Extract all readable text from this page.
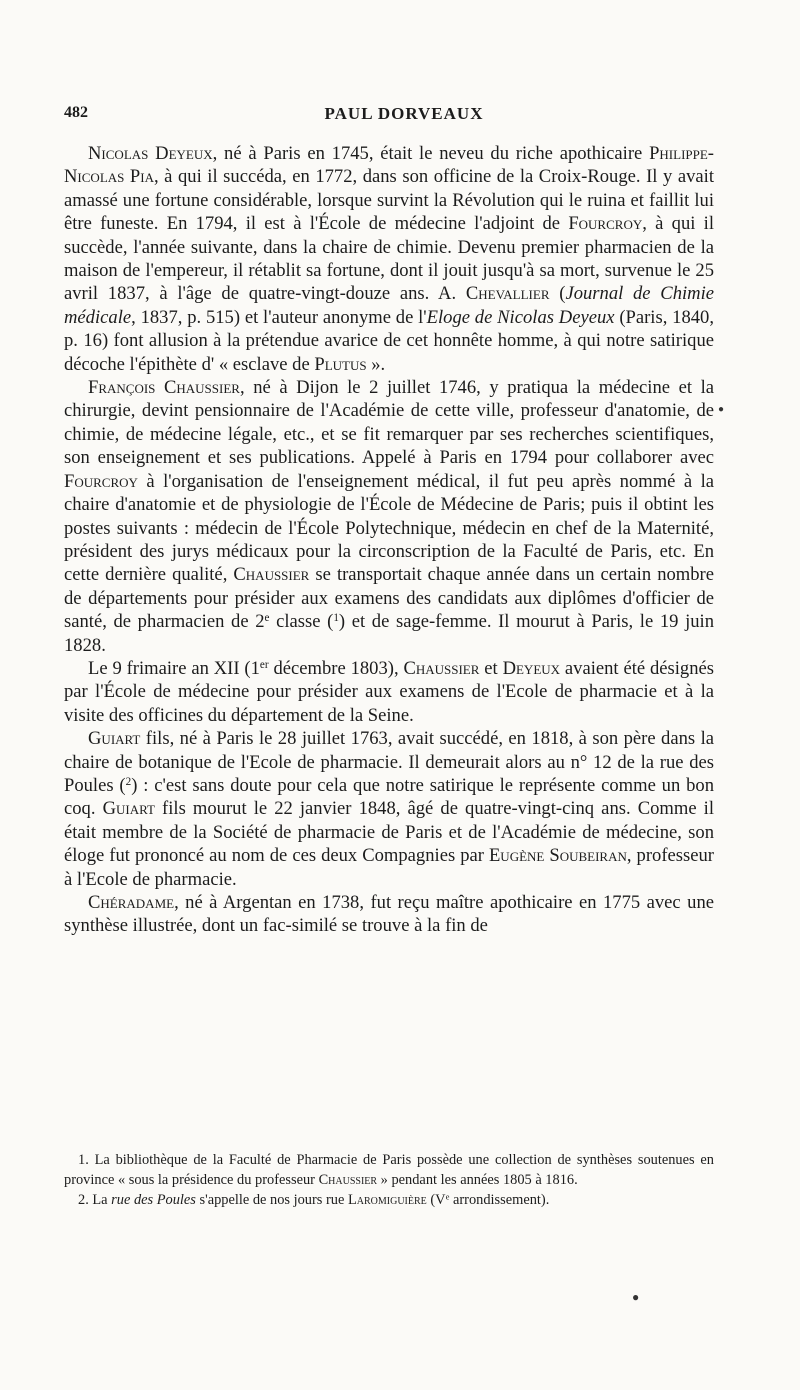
482	PAUL DORVEAUX

Nicolas Deyeux, né à Paris en 1745, était le neveu du riche apothicaire Philippe-Nicolas Pia, à qui il succéda, en 1772, dans son officine de la Croix-Rouge. Il y avait amassé une fortune considérable, lorsque survint la Révolution qui le ruina et faillit lui être funeste. En 1794, il est à l'École de médecine l'adjoint de Fourcroy, à qui il succède, l'année suivante, dans la chaire de chimie. Devenu premier pharmacien de la maison de l'empereur, il rétablit sa fortune, dont il jouit jusqu'à sa mort, survenue le 25 avril 1837, à l'âge de quatre-vingt-douze ans. A. Chevallier (Journal de Chimie médicale, 1837, p. 515) et l'auteur anonyme de l'Eloge de Nicolas Deyeux (Paris, 1840, p. 16) font allusion à la prétendue avarice de cet honnête homme, à qui notre satirique décoche l'épithète d' « esclave de Plutus ».

François Chaussier, né à Dijon le 2 juillet 1746, y pratiqua la médecine et la chirurgie, devint pensionnaire de l'Académie de cette ville, professeur d'anatomie, de chimie, de médecine légale, etc., et se fit remarquer par ses recherches scientifiques, son enseignement et ses publications. Appelé à Paris en 1794 pour collaborer avec Fourcroy à l'organisation de l'enseignement médical, il fut peu après nommé à la chaire d'anatomie et de physiologie de l'École de Médecine de Paris; puis il obtint les postes suivants : médecin de l'École Polytechnique, médecin en chef de la Maternité, président des jurys médicaux pour la circonscription de la Faculté de Paris, etc. En cette dernière qualité, Chaussier se transportait chaque année dans un certain nombre de départements pour présider aux examens des candidats aux diplômes d'officier de santé, de pharmacien de 2e classe ($^1$) et de sage-femme. Il mourut à Paris, le 19 juin 1828.

Le 9 frimaire an XII (1er décembre 1803), Chaussier et Deyeux avaient été désignés par l'École de médecine pour présider aux examens de l'Ecole de pharmacie et à la visite des officines du département de la Seine.

Guiart fils, né à Paris le 28 juillet 1763, avait succédé, en 1818, à son père dans la chaire de botanique de l'Ecole de pharmacie. Il demeurait alors au n° 12 de la rue des Poules ($^2$) : c'est sans doute pour cela que notre satirique le représente comme un bon coq. Guiart fils mourut le 22 janvier 1848, âgé de quatre-vingt-cinq ans. Comme il était membre de la Société de pharmacie de Paris et de l'Académie de médecine, son éloge fut prononcé au nom de ces deux Compagnies par Eugène Soubeiran, professeur à l'Ecole de pharmacie.

Chéradame, né à Argentan en 1738, fut reçu maître apothicaire en 1775 avec une synthèse illustrée, dont un fac-similé se trouve à la fin de

1. La bibliothèque de la Faculté de Pharmacie de Paris possède une collection de synthèses soutenues en province « sous la présidence du professeur Chaussier » pendant les années 1805 à 1816.

2. La rue des Poules s'appelle de nos jours rue Laromiguière (Ve arrondissement).

●
●
